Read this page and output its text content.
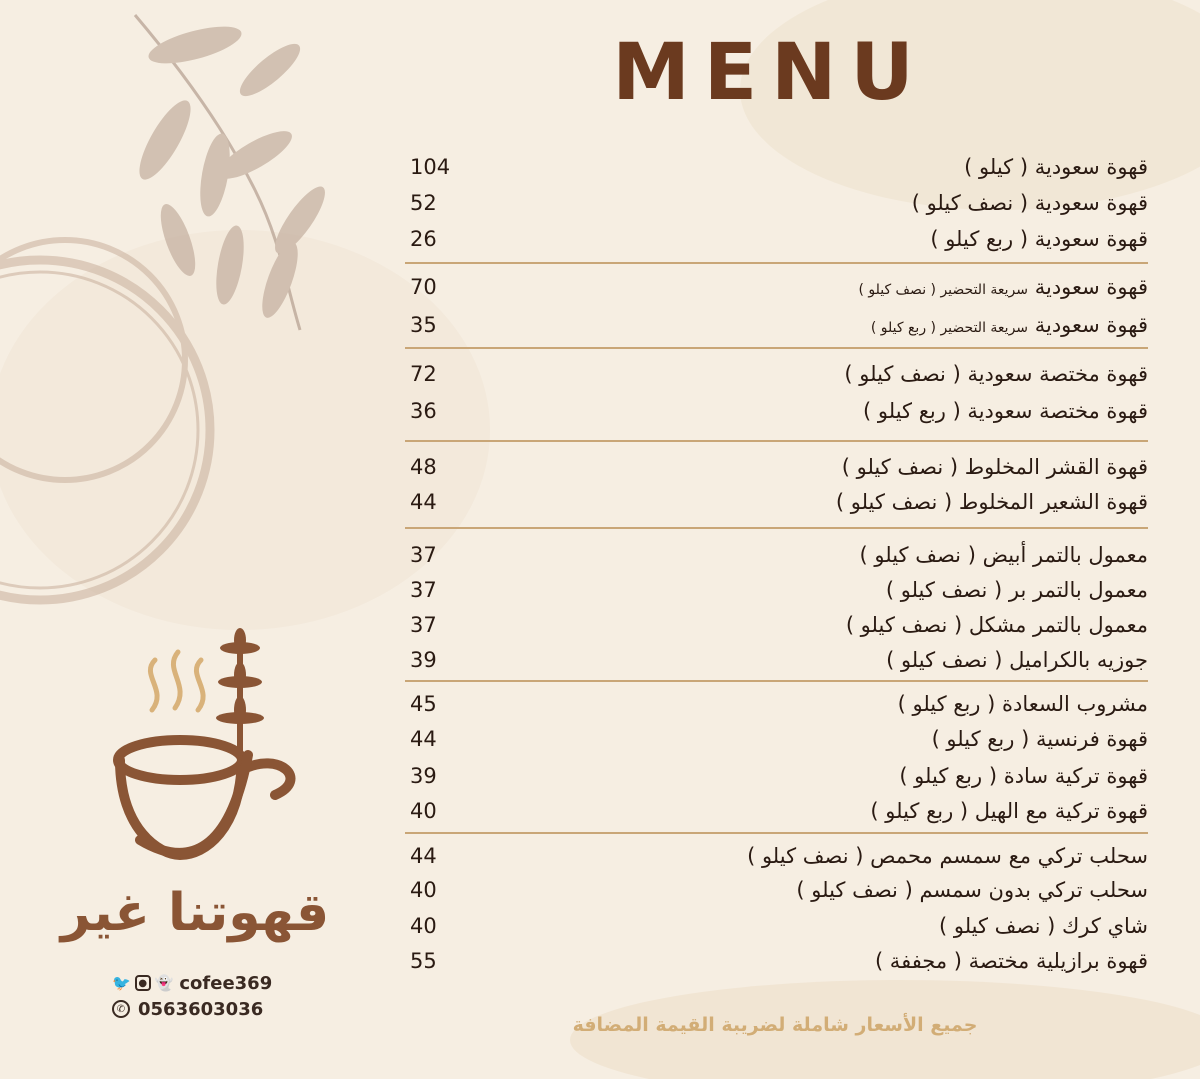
MENU
قهوة سعودية ( كيلو )
104
قهوة سعودية ( نصف كيلو )
52
قهوة سعودية ( ربع كيلو )
26
قهوة سعودية سريعة التحضير ( نصف كيلو )
70
قهوة سعودية سريعة التحضير ( ربع كيلو )
35
قهوة مختصة سعودية ( نصف كيلو )
72
قهوة مختصة سعودية ( ربع كيلو )
36
قهوة القشر المخلوط ( نصف كيلو )
48
قهوة الشعير المخلوط ( نصف كيلو )
44
معمول بالتمر أبيض ( نصف كيلو )
37
معمول بالتمر بر ( نصف كيلو )
37
معمول بالتمر مشكل ( نصف كيلو )
37
جوزيه بالكراميل ( نصف كيلو )
39
مشروب السعادة ( ربع كيلو )
45
قهوة فرنسية ( ربع كيلو )
44
قهوة تركية سادة ( ربع كيلو )
39
قهوة تركية مع الهيل ( ربع كيلو )
40
سحلب تركي مع سمسم محمص ( نصف كيلو )
44
سحلب تركي بدون سمسم ( نصف كيلو )
40
شاي كرك ( نصف كيلو )
40
قهوة برازيلية مختصة ( مجففة )
55
جميع الأسعار شاملة لضريبة القيمة المضافة
قهوتنا غير
🐦 ● 👻 cofee369
✆ 0563603036
